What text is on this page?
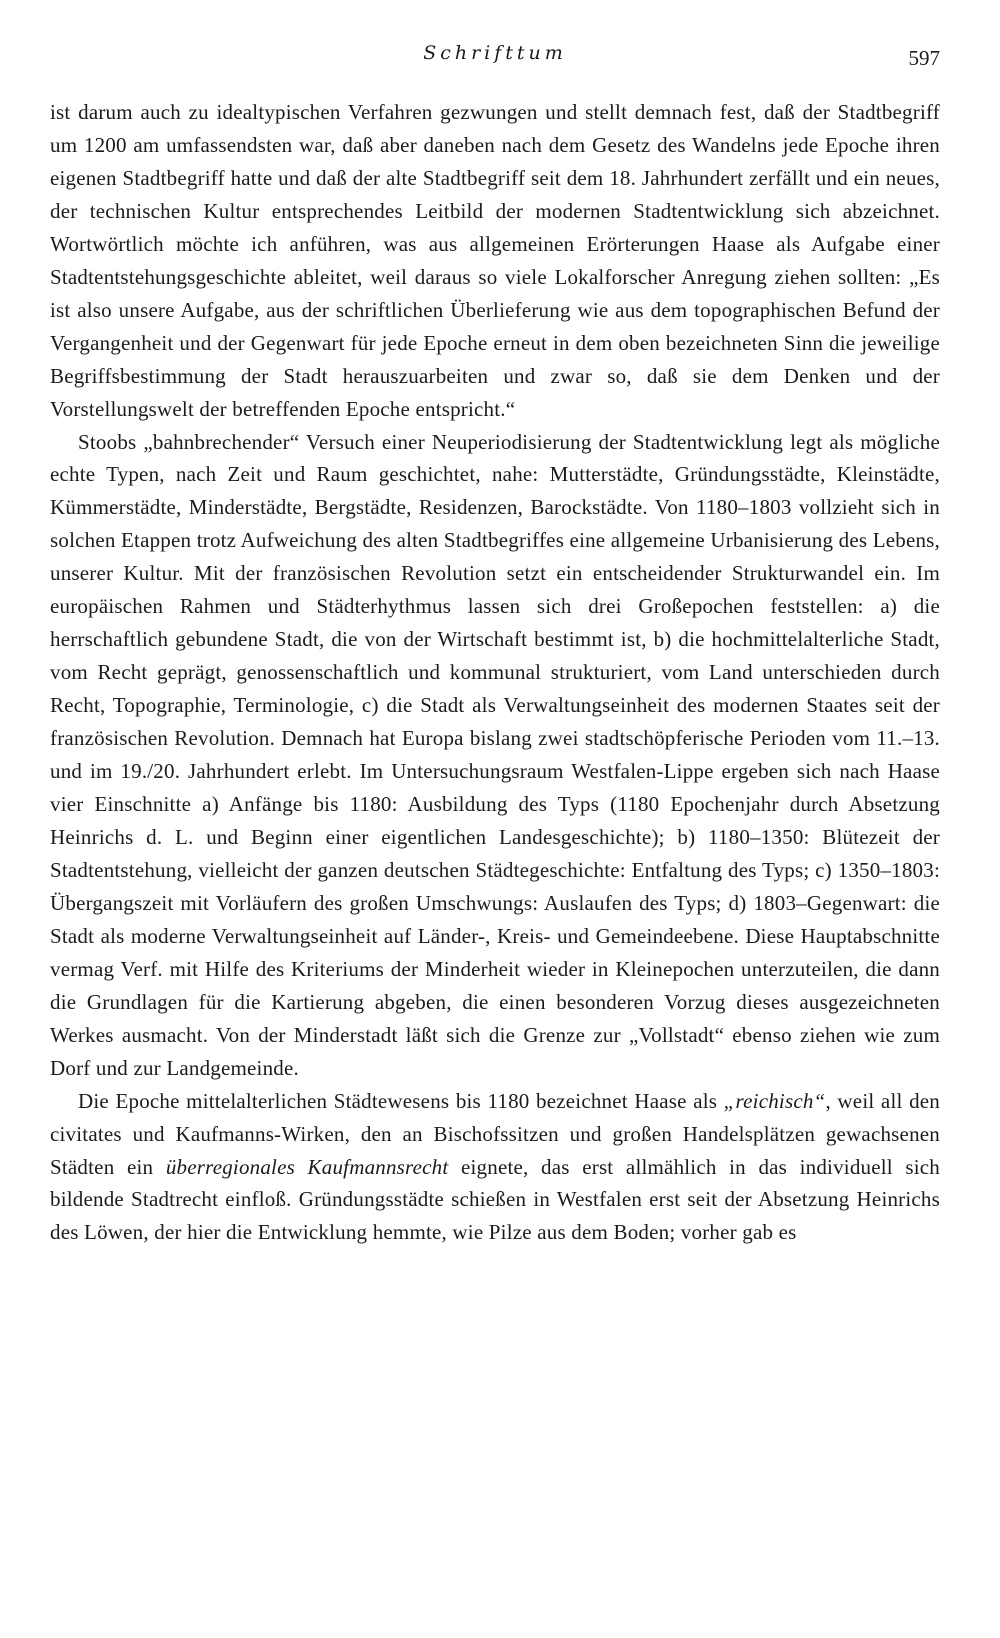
Schrifttum	597

ist darum auch zu idealtypischen Verfahren gezwungen und stellt demnach fest, daß der Stadtbegriff um 1200 am umfassendsten war, daß aber daneben nach dem Gesetz des Wandelns jede Epoche ihren eigenen Stadtbegriff hatte und daß der alte Stadtbegriff seit dem 18. Jahrhundert zerfällt und ein neues, der technischen Kultur entsprechendes Leitbild der modernen Stadtentwicklung sich abzeichnet. Wortwörtlich möchte ich anführen, was aus allgemeinen Erörterungen Haase als Aufgabe einer Stadtentstehungsgeschichte ableitet, weil daraus so viele Lokalforscher Anregung ziehen sollten: „Es ist also unsere Aufgabe, aus der schriftlichen Überlieferung wie aus dem topographischen Befund der Vergangenheit und der Gegenwart für jede Epoche erneut in dem oben bezeichneten Sinn die jeweilige Begriffsbestimmung der Stadt herauszuarbeiten und zwar so, daß sie dem Denken und der Vorstellungswelt der betreffenden Epoche entspricht.“

Stoobs „bahnbrechender“ Versuch einer Neuperiodisierung der Stadtentwicklung legt als mögliche echte Typen, nach Zeit und Raum geschichtet, nahe: Mutterstädte, Gründungsstädte, Kleinstädte, Kümmerstädte, Minderstädte, Bergstädte, Residenzen, Barockstädte. Von 1180–1803 vollzieht sich in solchen Etappen trotz Aufweichung des alten Stadtbegriffes eine allgemeine Urbanisierung des Lebens, unserer Kultur. Mit der französischen Revolution setzt ein entscheidender Strukturwandel ein. Im europäischen Rahmen und Städterhythmus lassen sich drei Großepochen feststellen: a) die herrschaftlich gebundene Stadt, die von der Wirtschaft bestimmt ist, b) die hochmittelalterliche Stadt, vom Recht geprägt, genossenschaftlich und kommunal strukturiert, vom Land unterschieden durch Recht, Topographie, Terminologie, c) die Stadt als Verwaltungseinheit des modernen Staates seit der französischen Revolution. Demnach hat Europa bislang zwei stadtschöpferische Perioden vom 11.–13. und im 19./20. Jahrhundert erlebt. Im Untersuchungsraum Westfalen-Lippe ergeben sich nach Haase vier Einschnitte a) Anfänge bis 1180: Ausbildung des Typs (1180 Epochenjahr durch Absetzung Heinrichs d. L. und Beginn einer eigentlichen Landesgeschichte); b) 1180–1350: Blütezeit der Stadtentstehung, vielleicht der ganzen deutschen Städtegeschichte: Entfaltung des Typs; c) 1350–1803: Übergangszeit mit Vorläufern des großen Umschwungs: Auslaufen des Typs; d) 1803–Gegenwart: die Stadt als moderne Verwaltungseinheit auf Länder-, Kreis- und Gemeindeebene. Diese Hauptabschnitte vermag Verf. mit Hilfe des Kriteriums der Minderheit wieder in Kleinepochen unterzuteilen, die dann die Grundlagen für die Kartierung abgeben, die einen besonderen Vorzug dieses ausgezeichneten Werkes ausmacht. Von der Minderstadt läßt sich die Grenze zur „Vollstadt“ ebenso ziehen wie zum Dorf und zur Landgemeinde.

Die Epoche mittelalterlichen Städtewesens bis 1180 bezeichnet Haase als „reichisch“, weil all den civitates und Kaufmanns-Wirken, den an Bischofssitzen und großen Handelsplätzen gewachsenen Städten ein überregionales Kaufmannsrecht eignete, das erst allmählich in das individuell sich bildende Stadtrecht einfloß. Gründungsstädte schießen in Westfalen erst seit der Absetzung Heinrichs des Löwen, der hier die Entwicklung hemmte, wie Pilze aus dem Boden; vorher gab es
